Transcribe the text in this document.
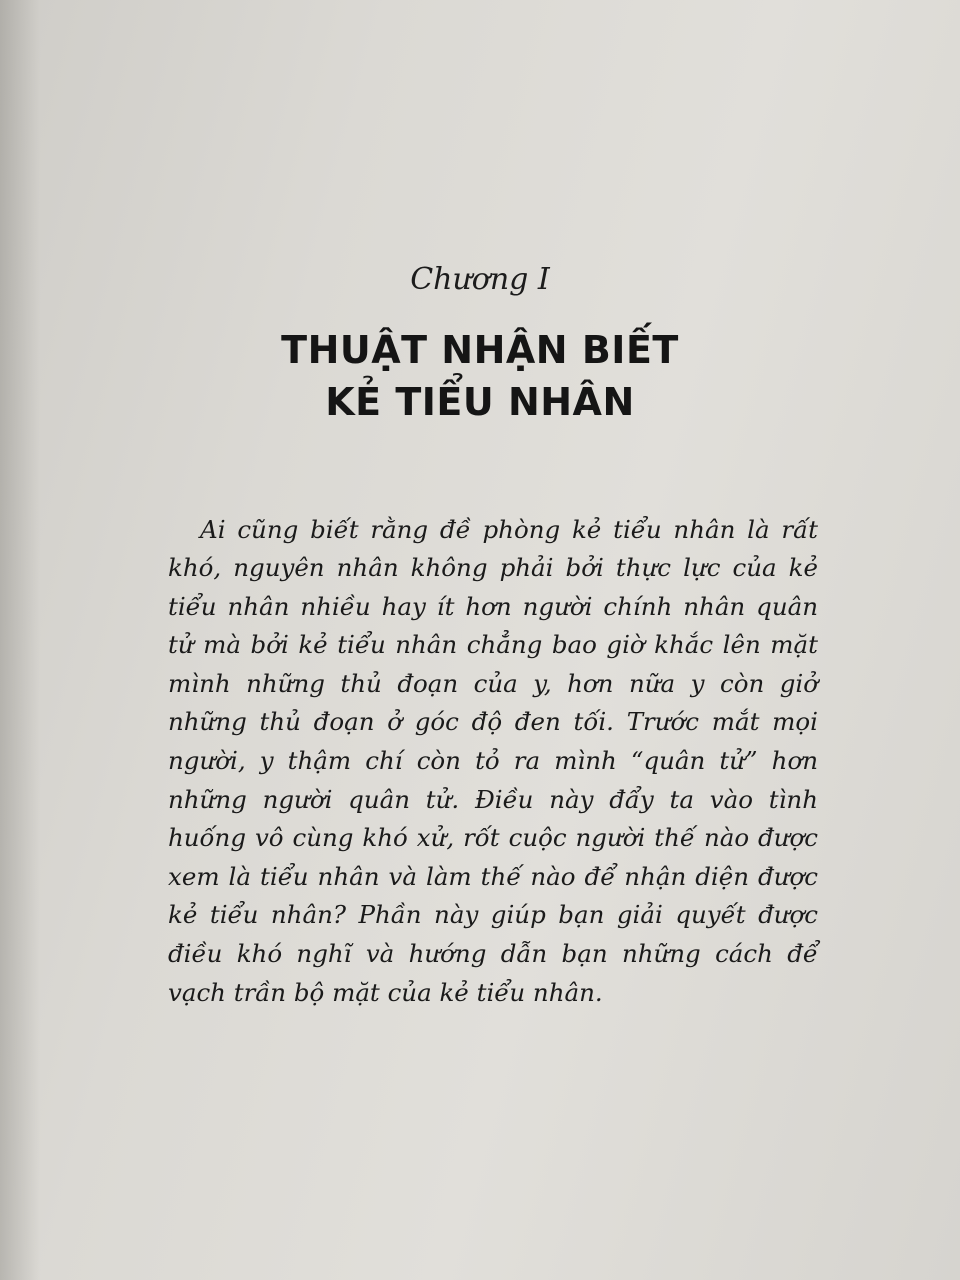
Chương I
THUẬT NHẬN BIẾT
KẺ TIỂU NHÂN

Ai cũng biết rằng đề phòng kẻ tiểu nhân là rất khó, nguyên nhân không phải bởi thực lực của kẻ tiểu nhân nhiều hay ít hơn người chính nhân quân tử mà bởi kẻ tiểu nhân chẳng bao giờ khắc lên mặt mình những thủ đoạn của y, hơn nữa y còn giở những thủ đoạn ở góc độ đen tối. Trước mắt mọi người, y thậm chí còn tỏ ra mình “quân tử” hơn những người quân tử. Điều này đẩy ta vào tình huống vô cùng khó xử, rốt cuộc người thế nào được xem là tiểu nhân và làm thế nào để nhận diện được kẻ tiểu nhân? Phần này giúp bạn giải quyết được điều khó nghĩ và hướng dẫn bạn những cách để vạch trần bộ mặt của kẻ tiểu nhân.
